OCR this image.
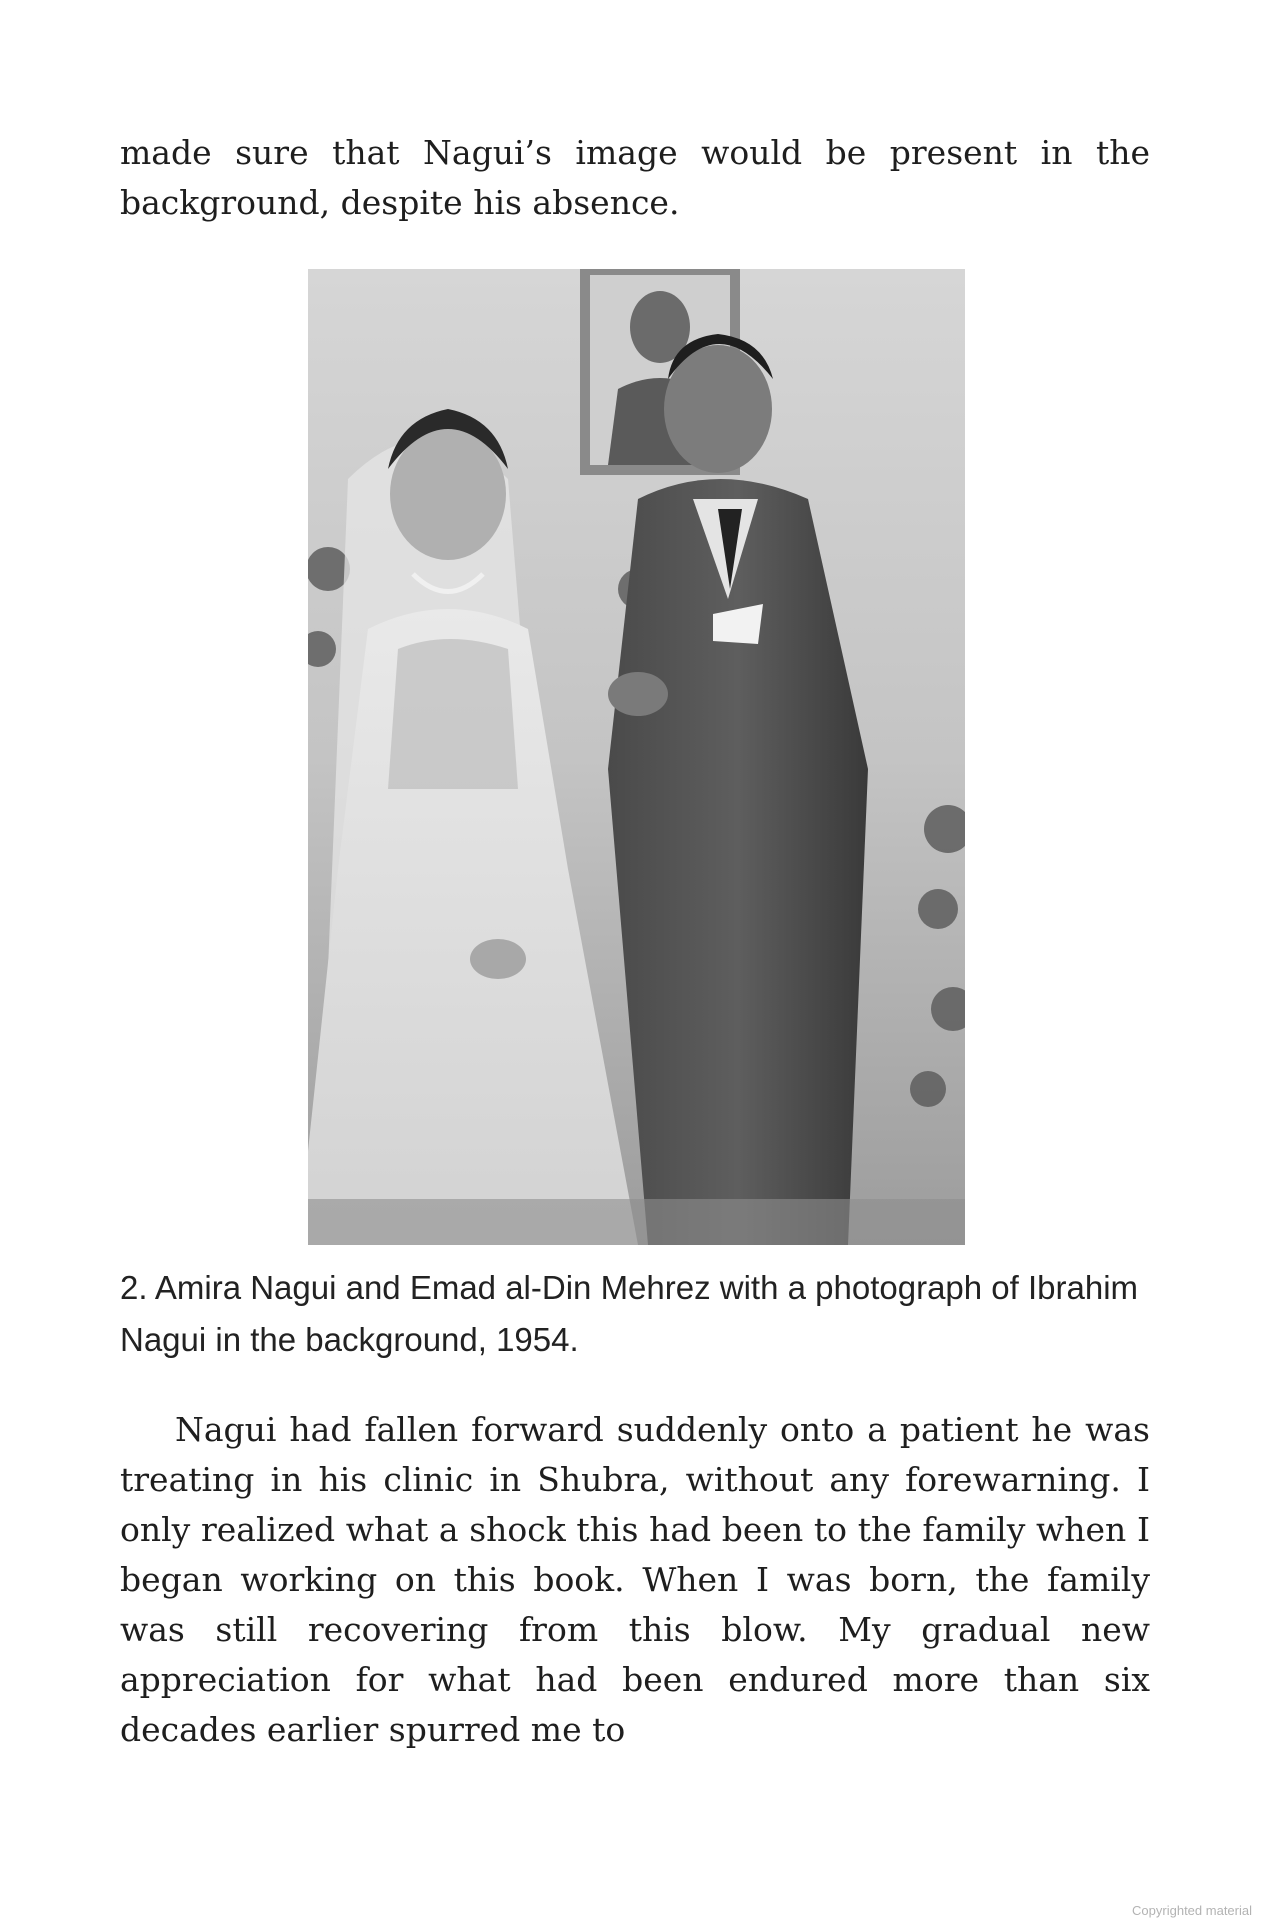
made sure that Nagui’s image would be present in the background, despite his absence.

2. Amira Nagui and Emad al-Din Mehrez with a photograph of Ibrahim Nagui in the background, 1954.

Nagui had fallen forward suddenly onto a patient he was treating in his clinic in Shubra, without any forewarning. I only realized what a shock this had been to the family when I began working on this book. When I was born, the family was still recovering from this blow. My gradual new appreciation for what had been endured more than six decades earlier spurred me to

Copyrighted material
